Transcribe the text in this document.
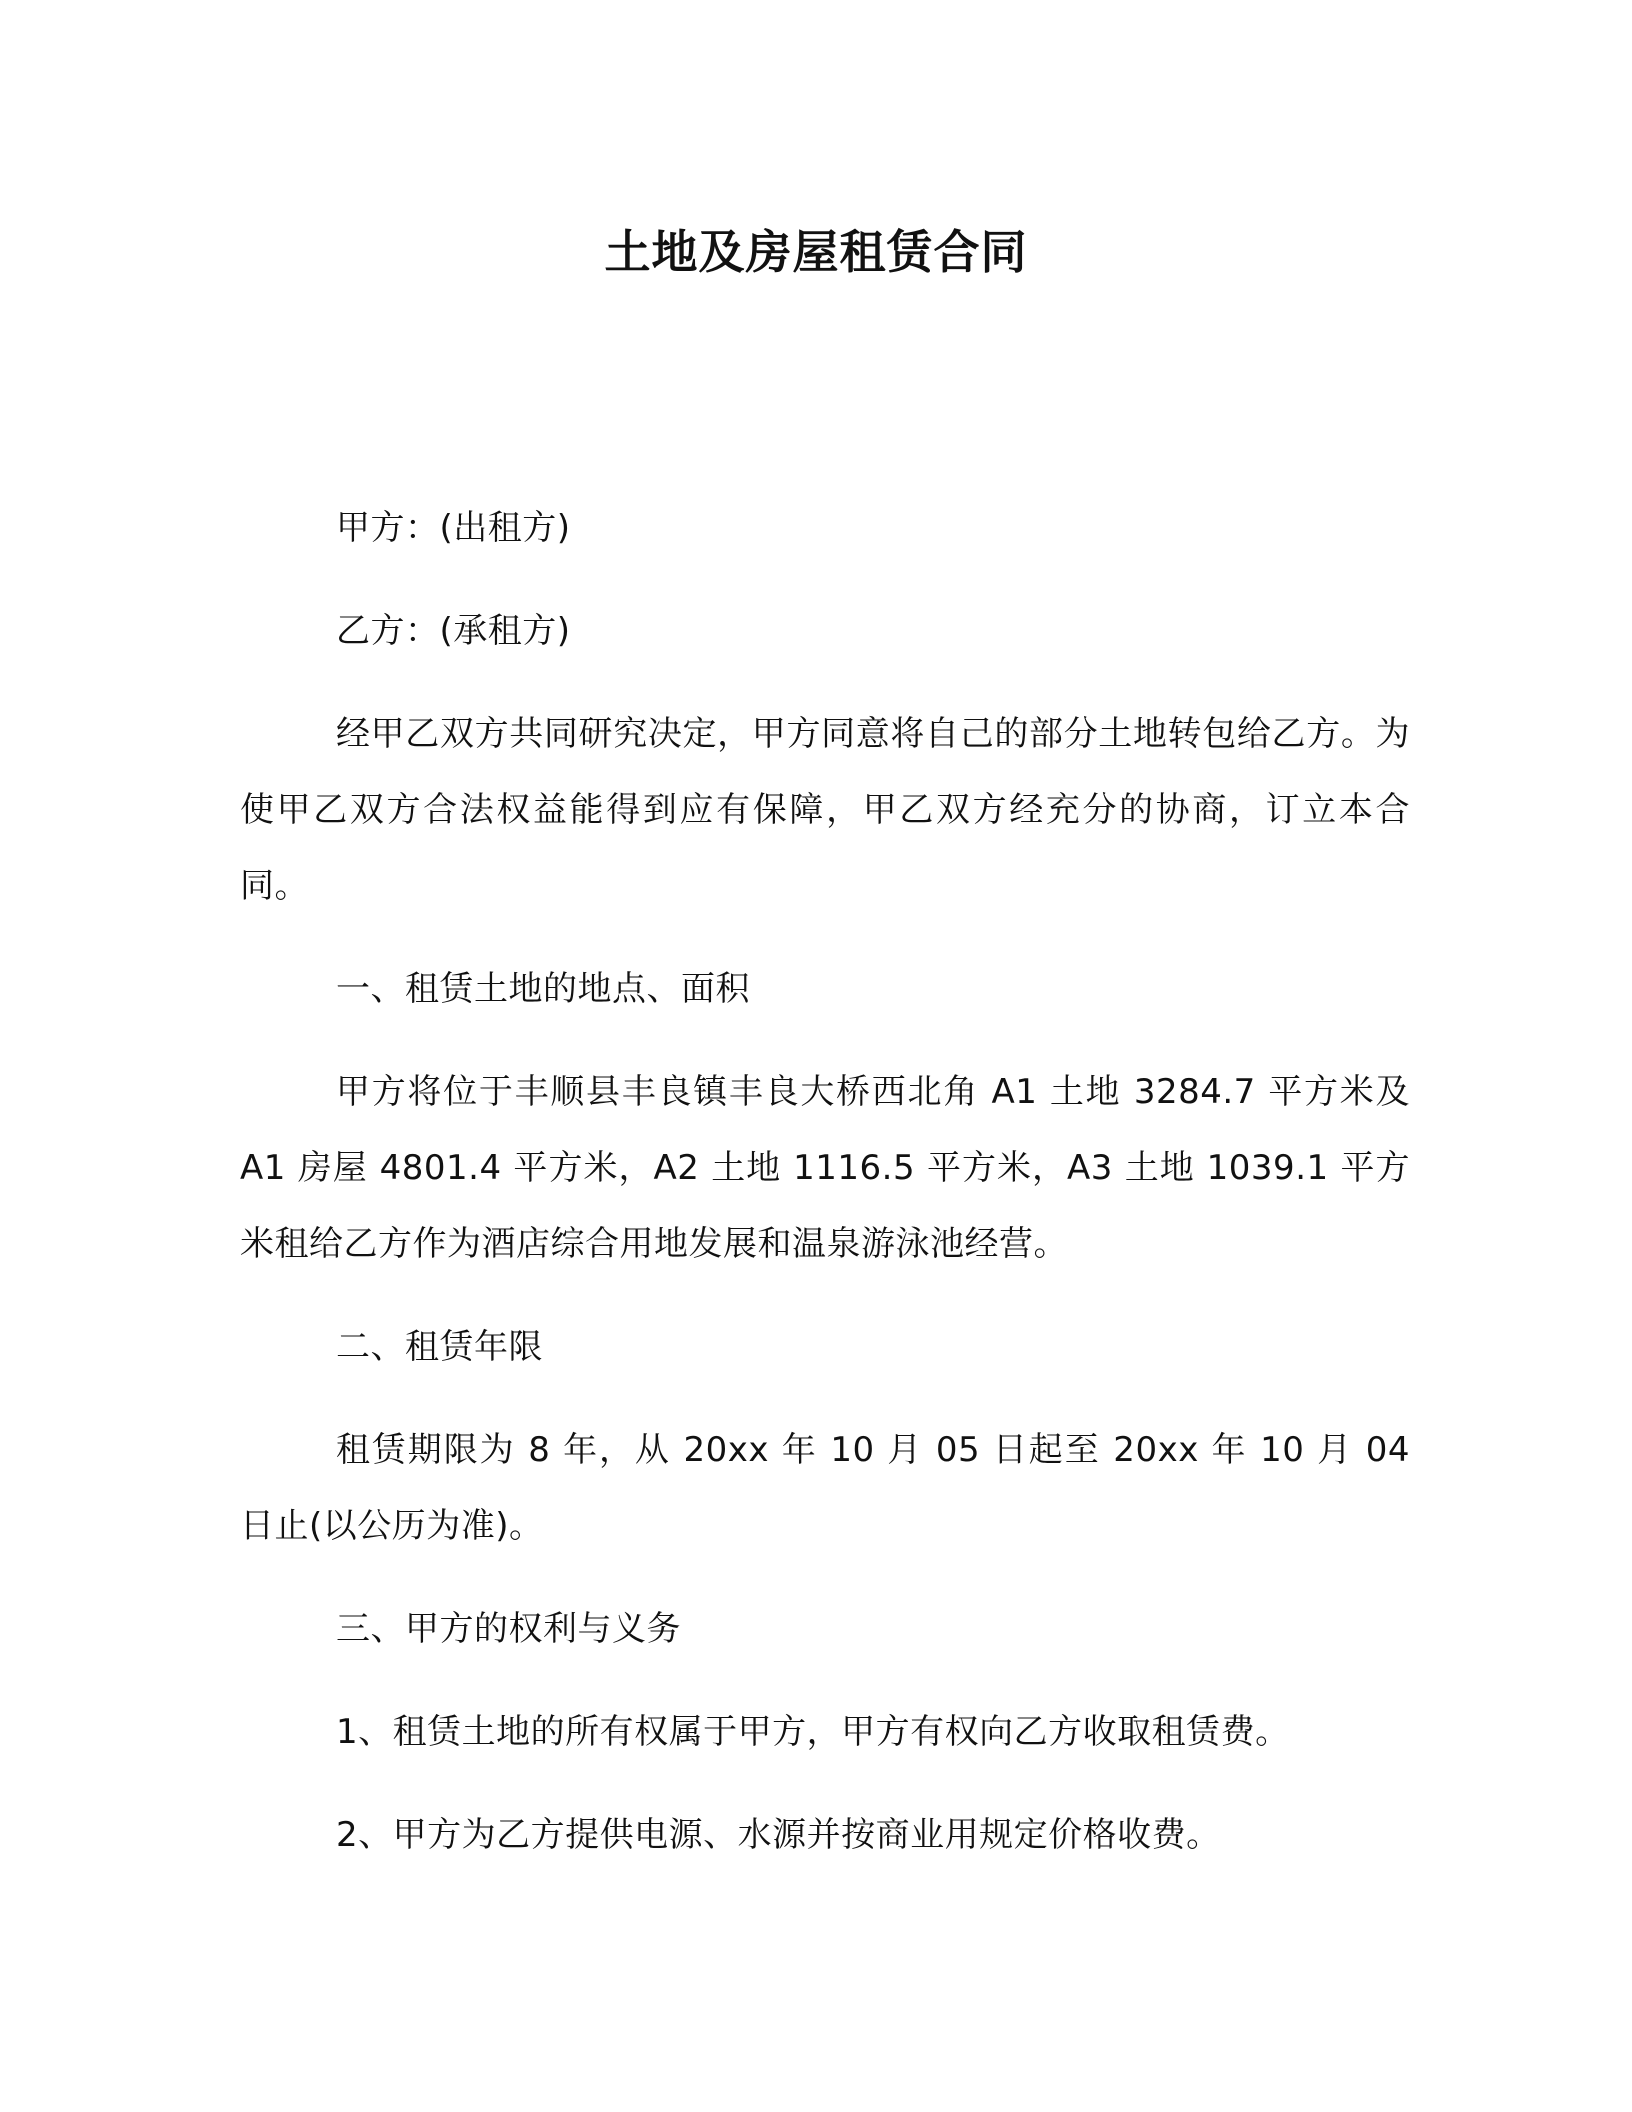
土地及房屋租赁合同

甲方：(出租方)

乙方：(承租方)

经甲乙双方共同研究决定，甲方同意将自己的部分土地转包给乙方。为使甲乙双方合法权益能得到应有保障，甲乙双方经充分的协商，订立本合同。

一、租赁土地的地点、面积

甲方将位于丰顺县丰良镇丰良大桥西北角 A1 土地 3284.7 平方米及 A1 房屋 4801.4 平方米，A2 土地 1116.5 平方米，A3 土地 1039.1 平方米租给乙方作为酒店综合用地发展和温泉游泳池经营。

二、租赁年限

租赁期限为 8 年，从 20xx 年 10 月 05 日起至 20xx 年 10 月 04 日止(以公历为准)。

三、甲方的权利与义务

1、租赁土地的所有权属于甲方，甲方有权向乙方收取租赁费。

2、甲方为乙方提供电源、水源并按商业用规定价格收费。
